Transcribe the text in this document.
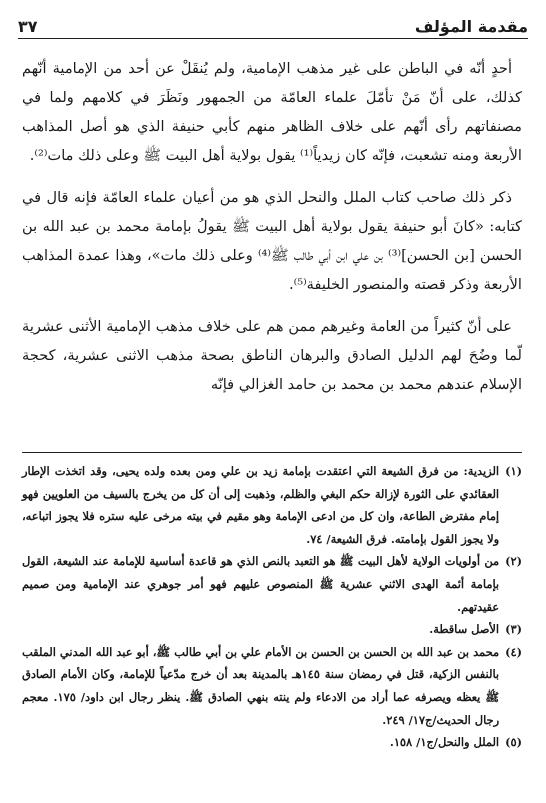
مقدمة المؤلف
٣٧

أحدٍ أنّه في الباطن على غير مذهب الإمامية، ولم يُنقَلْ عن أحد من الإمامية أنّهم كذلك، على أنّ مَنْ تأمّلَ علماء العامّة من الجمهور ونَظَرَ في كلامهم ولما في مصنفاتهم رأى أنّهم على خلاف الظاهر منهم كأبي حنيفة الذي هو أصل المذاهب الأربعة ومنه تشعبت، فإنّه كان زيدياً⁽¹⁾ يقول بولاية أهل البيت ﷺ وعلى ذلك مات⁽²⁾.

ذكر ذلك صاحب كتاب الملل والنحل الذي هو من أعيان علماء العامّة فإنه قال في كتابه: «كانَ أبو حنيفة يقول بولاية أهل البيت ﷺ يقولُ بإمامة محمد بن عبد الله بن الحسن [بن الحسن]⁽³⁾ بن علي ابن أبي طالب ﷺ⁽⁴⁾ وعلى ذلك مات»، وهذا عمدة المذاهب الأربعة وذكر قصته والمنصور الخليفة⁽⁵⁾.

على أنّ كثيراً من العامة وغيرهم ممن هم على خلاف مذهب الإمامية الأثنى عشرية لّما وضُحَ لهم الدليل الصادق والبرهان الناطق بصحة مذهب الاثنى عشرية، كحجة الإسلام عندهم محمد بن محمد بن حامد الغزالي فإنّه

(١)
الزيدية: من فرق الشيعة التي اعتقدت بإمامة زيد بن علي ومن بعده ولده يحيى، وقد اتخذت الإطار العقائدي على الثورة لإزالة حكم البغي والظلم، وذهبت إلى أن كل من يخرج بالسيف من العلويين فهو إمام مفترض الطاعة، وان كل من ادعى الإمامة وهو مقيم في بيته مرخى عليه ستره فلا يجوز اتباعه، ولا يجوز القول بإمامته. فرق الشيعة/ ٧٤.
(٢)
من أولويات الولاية لأهل البيت ﷺ هو التعبد بالنص الذي هو قاعدة أساسية للإمامة عند الشيعة، القول بإمامة أئمة الهدى الاثني عشرية ﷺ المنصوص عليهم فهو أمر جوهري عند الإمامية ومن صميم عقيدتهم.
(٣)
الأصل ساقطة.
(٤)
محمد بن عبد الله بن الحسن بن الحسن بن الأمام علي بن أبي طالب ﷺ، أبو عبد الله المدني الملقب بالنفس الزكية، قتل في رمضان سنة ١٤٥هـ بالمدينة بعد أن خرج مدّعياً للإمامة، وكان الأمام الصادق ﷺ يعظه ويصرفه عما أراد من الادعاء ولم ينته بنهي الصادق ﷺ. ينظر رجال ابن داود/ ١٧٥. معجم رجال الحديث/ج١٧/ ٢٤٩.
(٥)
الملل والنحل/ج١/ ١٥٨.
